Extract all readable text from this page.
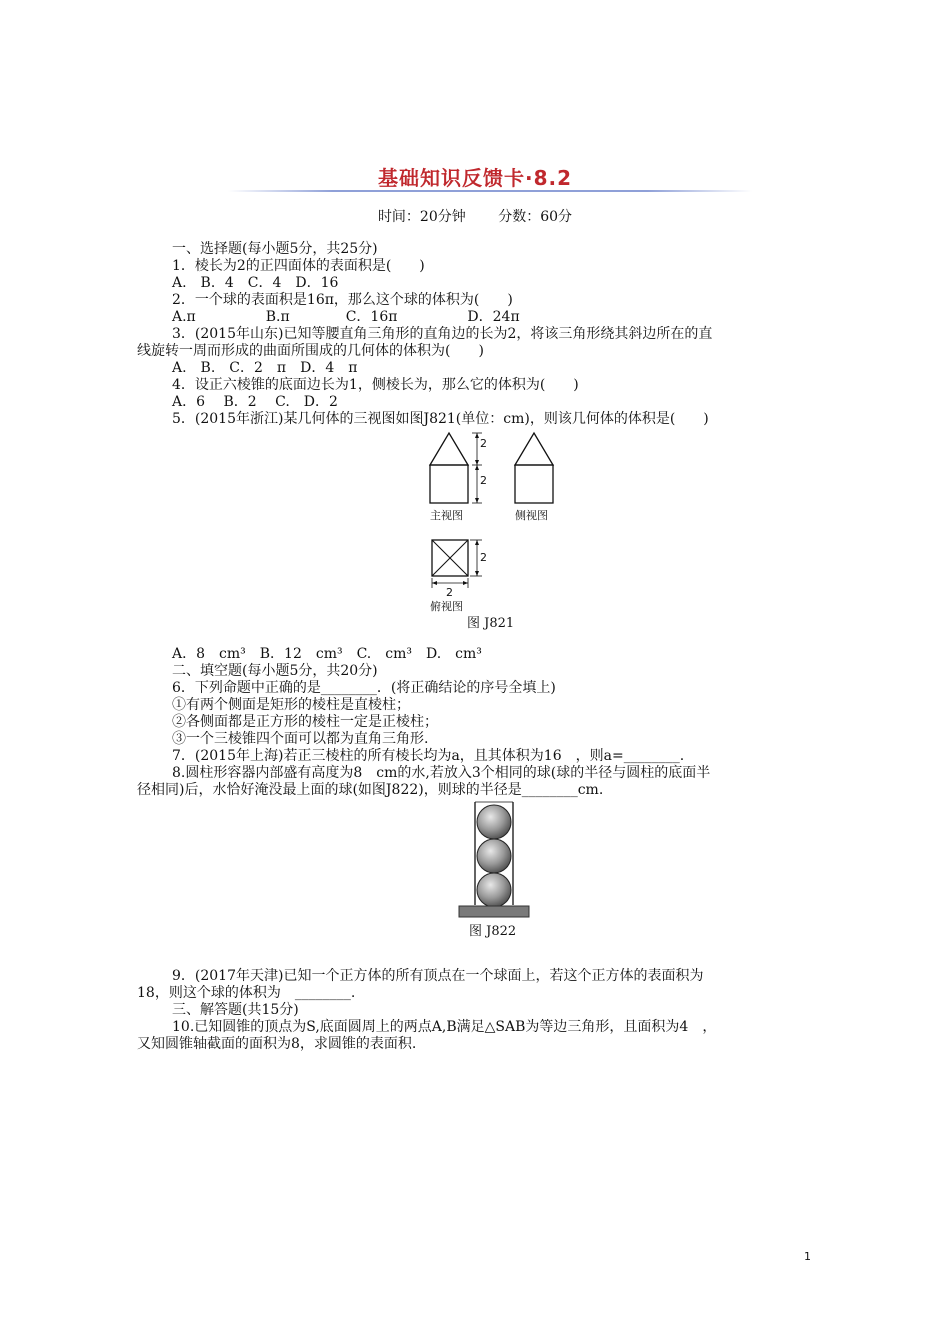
基础知识反馈卡·8.2
时间：20分钟 分数：60分
一、选择题(每小题5分，共25分)
1．棱长为2的正四面体的表面积是(　　)
A.　B．4　C．4　D．16
2．一个球的表面积是16π，那么这个球的体积为(　　)
A.π　　　　　B.π　　　　C．16π　　　　　D．24π
3．(2015年山东)已知等腰直角三角形的直角边的长为2，将该三角形绕其斜边所在的直
线旋转一周而形成的曲面所围成的几何体的体积为(　　)
A.　B.　C．2　π　D．4　π
4．设正六棱锥的底面边长为1，侧棱长为，那么它的体积为(　　)
A．6　 B．2　 C.　D．2
5．(2015年浙江)某几何体的三视图如图J821(单位：cm)，则该几何体的体积是(　　)
2
2
2
2
主视图	侧视图
俯视图
图 J821
A．8　cm³　B．12　cm³　C.　cm³　D.　cm³
二、填空题(每小题5分，共20分)
6．下列命题中正确的是________．(将正确结论的序号全填上)
①有两个侧面是矩形的棱柱是直棱柱；
②各侧面都是正方形的棱柱一定是正棱柱；
③一个三棱锥四个面可以都为直角三角形.
7．(2015年上海)若正三棱柱的所有棱长均为a，且其体积为16　，则a=________.
8.圆柱形容器内部盛有高度为8　cm的水,若放入3个相同的球(球的半径与圆柱的底面半
径相同)后，水恰好淹没最上面的球(如图J822)，则球的半径是________cm.
图 J822
9．(2017年天津)已知一个正方体的所有顶点在一个球面上，若这个正方体的表面积为
18，则这个球的体积为　________.
三、解答题(共15分)
10.已知圆锥的顶点为S,底面圆周上的两点A,B满足△SAB为等边三角形，且面积为4　，
又知圆锥轴截面的面积为8，求圆锥的表面积.
1
